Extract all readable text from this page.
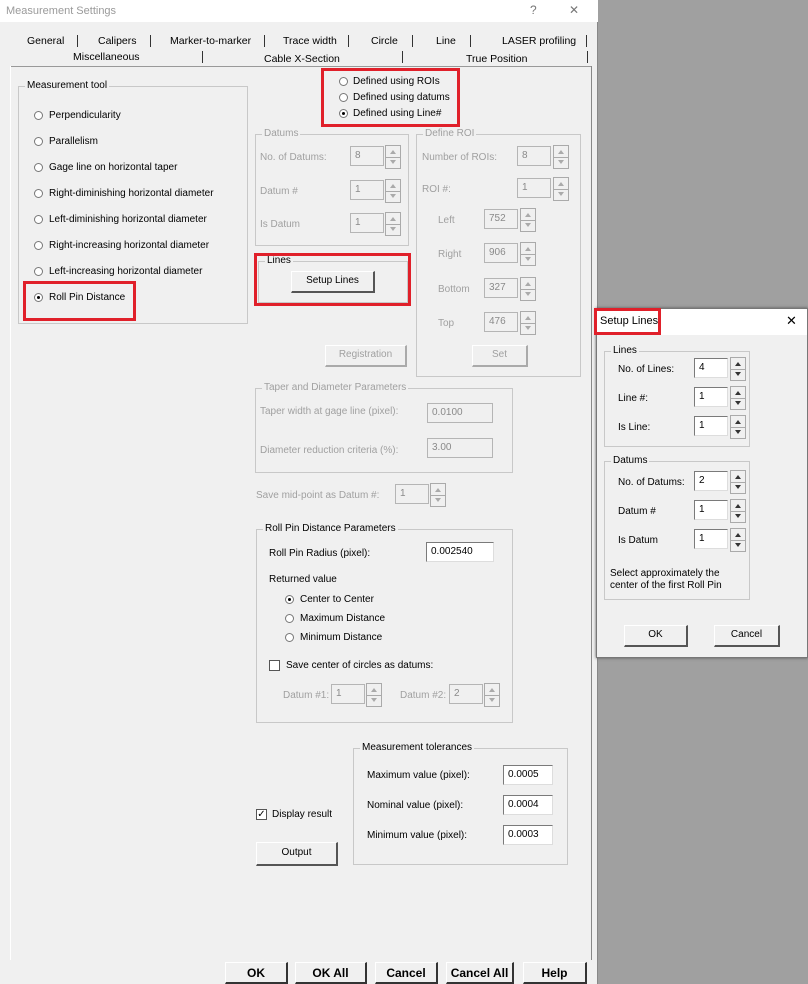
Measurement Settings	?	✕
General	Calipers	Marker-to-marker	Trace width	Circle	Line	LASER profiling
Miscellaneous	Cable X-Section	True Position
Measurement tool
Perpendicularity
Parallelism
Gage line on horizontal taper
Right-diminishing horizontal diameter
Left-diminishing horizontal diameter
Right-increasing horizontal diameter
Left-increasing horizontal diameter
Roll Pin Distance
Defined using ROIs
Defined using datums
Defined using Line#
Datums
No. of Datums:	8
Datum #	1
Is Datum	1
Define ROI
Number of ROIs:	8
ROI #:	1
Left	752
Right	906
Bottom	327
Top	476
Set
Lines
Setup Lines
Registration
Taper and Diameter Parameters
Taper width at gage line (pixel):	0.0100
Diameter reduction criteria (%):	3.00
Save mid-point as Datum #:	1
Roll Pin Distance Parameters
Roll Pin Radius (pixel):	0.002540
Returned value
Center to Center
Maximum Distance
Minimum Distance
Save center of circles as datums:
Datum #1: 1	Datum #2: 2
Measurement tolerances
Maximum value (pixel):	0.0005
Nominal value (pixel):	0.0004
Minimum value (pixel):	0.0003
✓ Display result
Output
OK	OK All	Cancel	Cancel All	Help
Setup Lines	✕
Lines
No. of Lines:	4
Line #:	1
Is Line:	1
Datums
No. of Datums:	2
Datum #	1
Is Datum	1
Select approximately the center of the first Roll Pin
OK	Cancel
